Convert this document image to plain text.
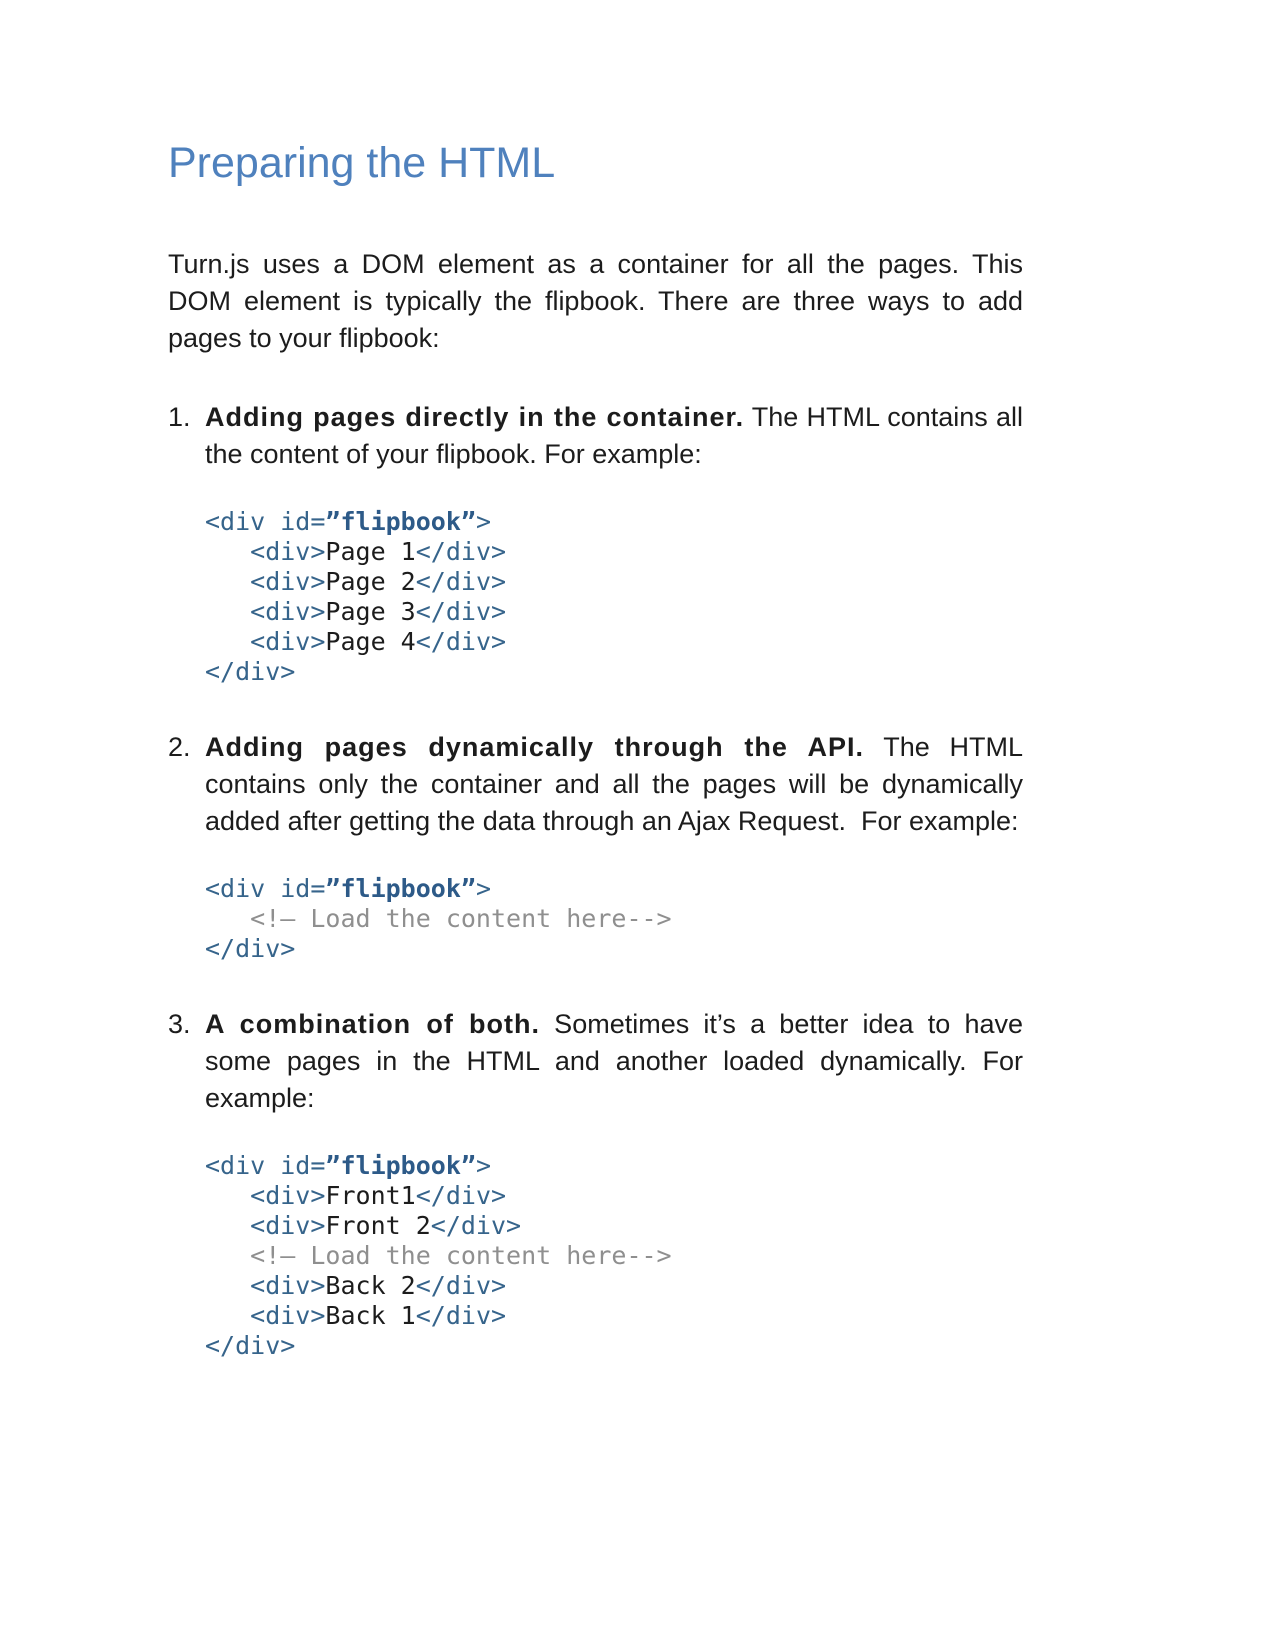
Preparing the HTML

Turn.js uses a DOM element as a container for all the pages. This DOM element is typically the flipbook. There are three ways to add pages to your flipbook:

1. Adding pages directly in the container. The HTML contains all the content of your flipbook. For example:
<div id=”flipbook”>
<div>Page 1</div>
<div>Page 2</div>
<div>Page 3</div>
<div>Page 4</div>
</div>
2. Adding pages dynamically through the API. The HTML contains only the container and all the pages will be dynamically added after getting the data through an Ajax Request.  For example:
<div id=”flipbook”>
<!– Load the content here-->
</div>
3. A combination of both. Sometimes it’s a better idea to have some pages in the HTML and another loaded dynamically. For example:
<div id=”flipbook”>
<div>Front1</div>
<div>Front 2</div>
<!– Load the content here-->
<div>Back 2</div>
<div>Back 1</div>
</div>
